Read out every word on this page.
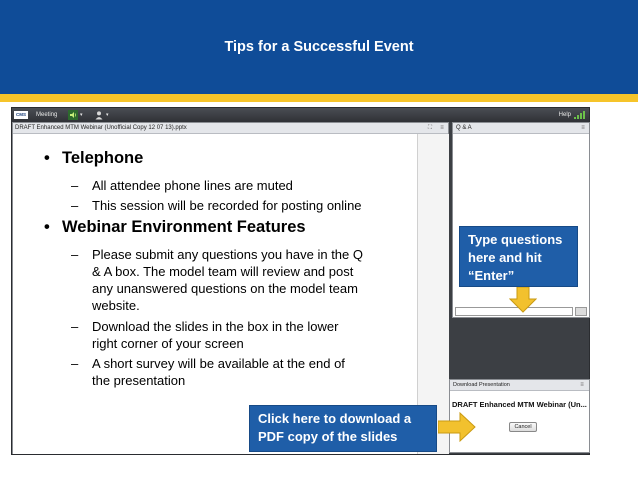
Tips for a Successful Event
CMS	Meeting	▾	▾	Help
DRAFT Enhanced MTM Webinar (Unofficial Copy 12 07 13).pptx	⛶	≡
• Telephone
– All attendee phone lines are muted
– This session will be recorded for posting online
• Webinar Environment Features
– Please submit any questions you have in the Q
& A box. The model team will review and post
any unanswered questions on the model team
website.
– Download the slides in the box in the lower
right corner of your screen
– A short survey will be available at the end of
the presentation
Q & A	≡
Download Presentation	≡
DRAFT Enhanced MTM Webinar (Un...
Cancel
Type questions
here and hit
“Enter”
Click here to download a
PDF copy of the slides
